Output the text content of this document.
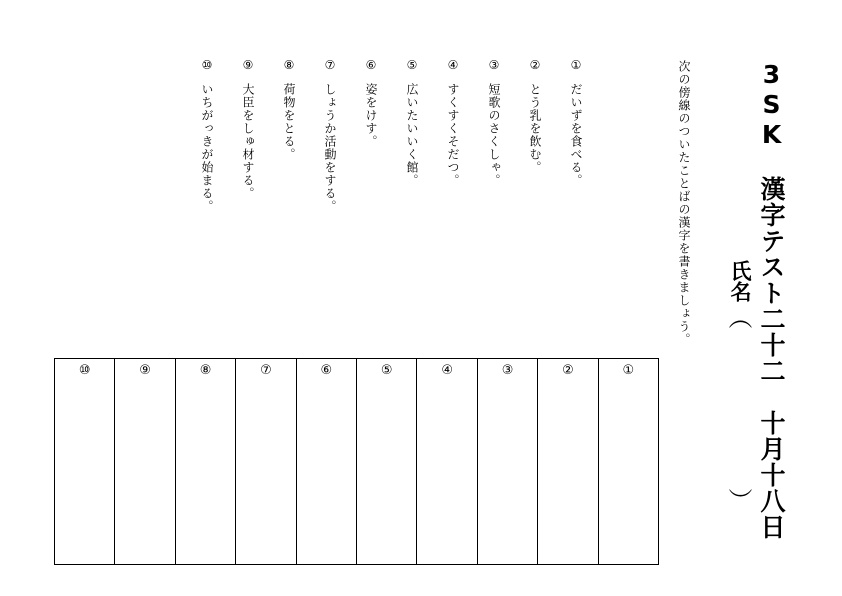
3SK　漢字テスト二十二　十月十八日
氏名
（
）
次の傍線のついたことばの漢字を書きましょう。
①
だいずを食べる。
②
とう乳を飲む。
③
短歌のさくしゃ。
④
すくすくそだつ。
⑤
広いたいいく館。
⑥
姿をけす。
⑦
しょうか活動をする。
⑧
荷物をとる。
⑨
大臣をしゅ材する。
⑩
いちがっきが始まる。
⑩	⑨	⑧	⑦	⑥	⑤	④	③	②	①
